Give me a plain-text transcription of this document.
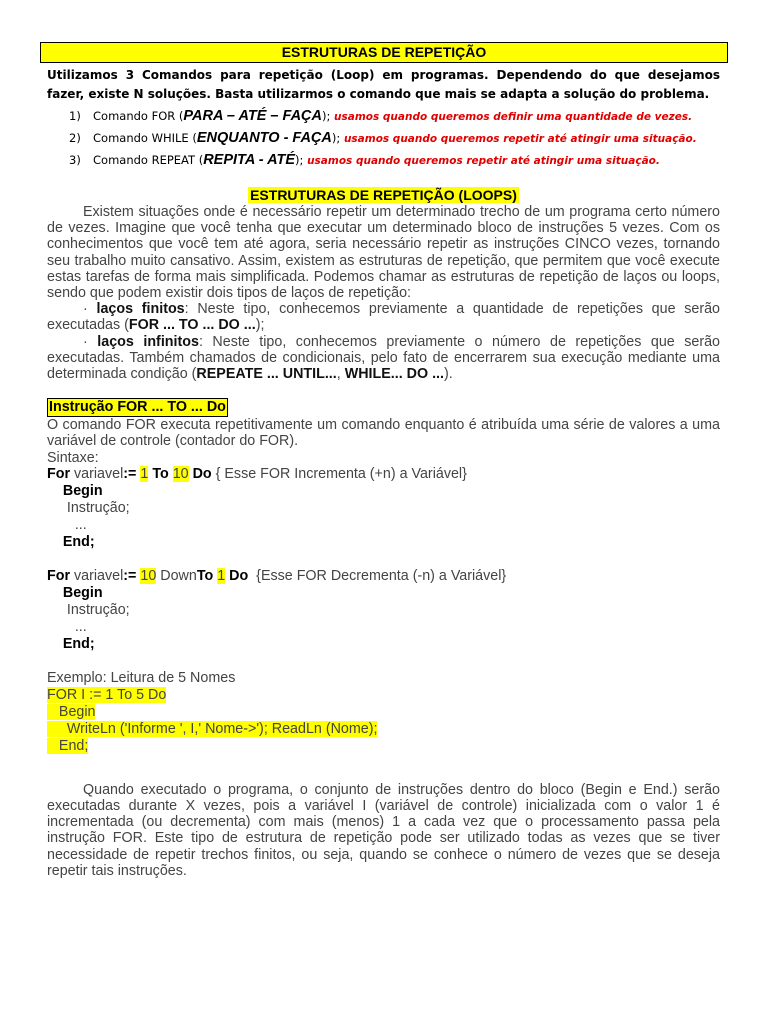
ESTRUTURAS DE REPETIÇÃO

Utilizamos 3 Comandos para repetição (Loop) em programas. Dependendo do que desejamos fazer, existe N soluções. Basta utilizarmos o comando que mais se adapta a solução do problema.

1) Comando FOR (PARA – ATÉ – FAÇA); usamos quando queremos definir uma quantidade de vezes.
2) Comando WHILE (ENQUANTO - FAÇA); usamos quando queremos repetir até atingir uma situação.
3) Comando REPEAT (REPITA - ATÉ); usamos quando queremos repetir até atingir uma situação.
ESTRUTURAS DE REPETIÇÃO (LOOPS)

Existem situações onde é necessário repetir um determinado trecho de um programa certo número de vezes. Imagine que você tenha que executar um determinado bloco de instruções 5 vezes. Com os conhecimentos que você tem até agora, seria necessário repetir as instruções CINCO vezes, tornando seu trabalho muito cansativo. Assim, existem as estruturas de repetição, que permitem que você execute estas tarefas de forma mais simplificada. Podemos chamar as estruturas de repetição de laços ou loops, sendo que podem existir dois tipos de laços de repetição:

· laços finitos: Neste tipo, conhecemos previamente a quantidade de repetições que serão executadas (FOR ... TO ... DO ...);

· laços infinitos: Neste tipo, conhecemos previamente o número de repetições que serão executadas. Também chamados de condicionais, pelo fato de encerrarem sua execução mediante uma determinada condição (REPEATE ... UNTIL..., WHILE... DO ...).

Instrução FOR ... TO ... Do

O comando FOR executa repetitivamente um comando enquanto é atribuída uma série de valores a uma variável de controle (contador do FOR).

Sintaxe:

For variavel:= 1 To 10 Do { Esse FOR Incrementa (+n) a Variável}
Begin
Instrução;
...
End;
For variavel:= 10 DownTo 1 Do  {Esse FOR Decrementa (-n) a Variável}
Begin
Instrução;
...
End;
Exemplo: Leitura de 5 Nomes
FOR I := 1 To 5 Do
Begin
WriteLn ('Informe ', I,' Nome->'); ReadLn (Nome);
End;

Quando executado o programa, o conjunto de instruções dentro do bloco (Begin e End.) serão executadas durante X vezes, pois a variável I (variável de controle) inicializada com o valor 1 é incrementada (ou decrementa) com mais (menos) 1 a cada vez que o processamento passa pela instrução FOR. Este tipo de estrutura de repetição pode ser utilizado todas as vezes que se tiver necessidade de repetir trechos finitos, ou seja, quando se conhece o número de vezes que se deseja repetir tais instruções.
